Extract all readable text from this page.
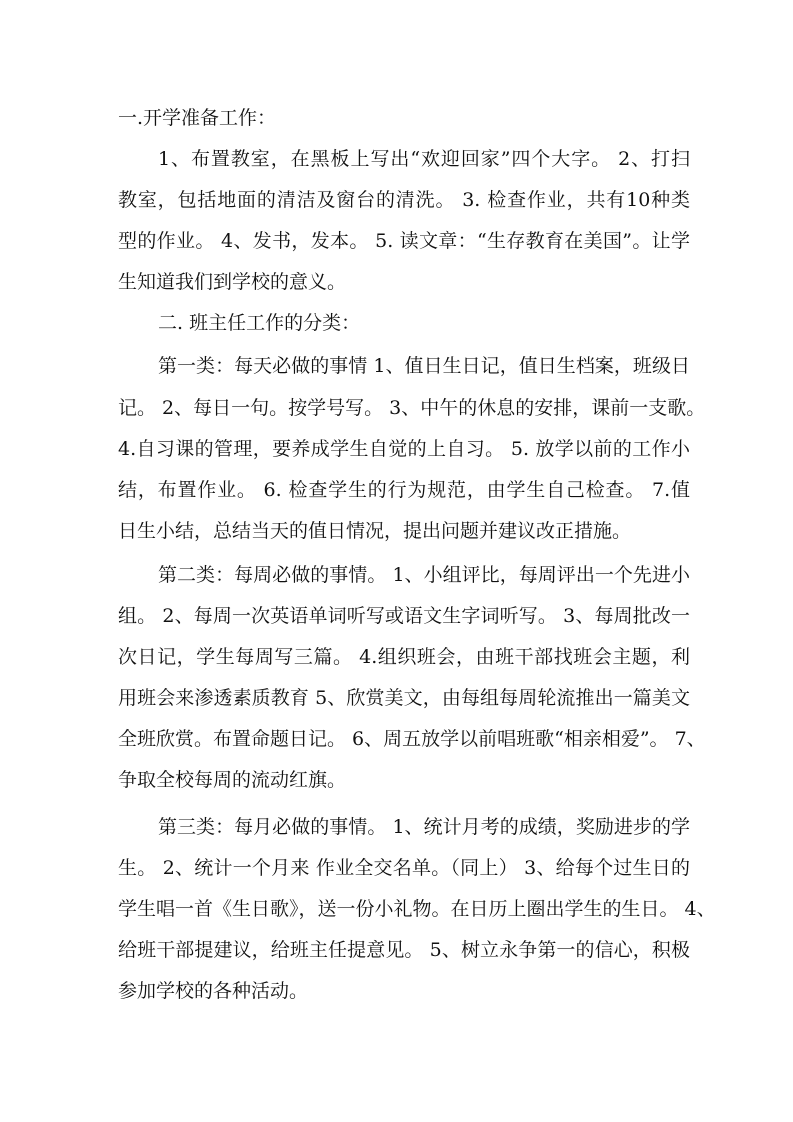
一.开学准备工作：
1、布置教室，在黑板上写出“欢迎回家”四个大字。 2、打扫
教室，包括地面的清洁及窗台的清洗。 3. 检查作业，共有10种类
型的作业。 4、发书，发本。 5. 读文章：“生存教育在美国”。让学
生知道我们到学校的意义。
二. 班主任工作的分类：
第一类：每天必做的事情 1、值日生日记，值日生档案，班级日
记。 2、每日一句。按学号写。 3、中午的休息的安排，课前一支歌。
4.自习课的管理，要养成学生自觉的上自习。 5. 放学以前的工作小
结，布置作业。 6. 检查学生的行为规范，由学生自己检查。 7.值
日生小结，总结当天的值日情况，提出问题并建议改正措施。
第二类：每周必做的事情。 1、小组评比，每周评出一个先进小
组。 2、每周一次英语单词听写或语文生字词听写。 3、每周批改一
次日记，学生每周写三篇。 4.组织班会，由班干部找班会主题，利
用班会来渗透素质教育 5、欣赏美文，由每组每周轮流推出一篇美文
全班欣赏。布置命题日记。 6、周五放学以前唱班歌“相亲相爱”。 7、
争取全校每周的流动红旗。
第三类：每月必做的事情。 1、统计月考的成绩，奖励进步的学
生。 2、统计一个月来 作业全交名单。（同上） 3、给每个过生日的
学生唱一首《生日歌》，送一份小礼物。在日历上圈出学生的生日。 4、
给班干部提建议，给班主任提意见。 5、树立永争第一的信心，积极
参加学校的各种活动。
